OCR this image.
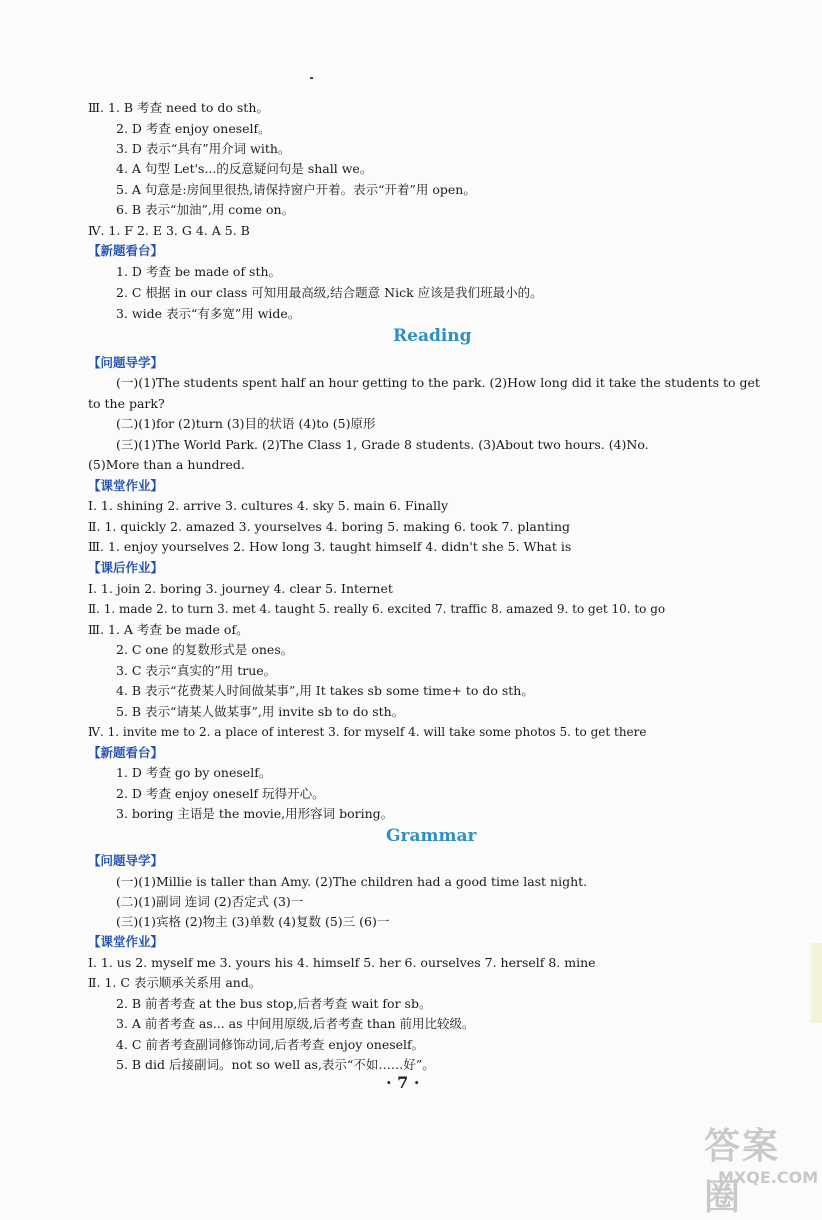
Ⅲ. 1. B 考查 need to do sth。
2. D 考查 enjoy oneself。
3. D 表示“具有”用介词 with。
4. A 句型 Let's...的反意疑问句是 shall we。
5. A 句意是:房间里很热,请保持窗户开着。表示“开着”用 open。
6. B 表示“加油”,用 come on。
Ⅳ. 1. F 2. E 3. G 4. A 5. B
【新题看台】
1. D 考查 be made of sth。
2. C 根据 in our class 可知用最高级,结合题意 Nick 应该是我们班最小的。
3. wide 表示“有多宽”用 wide。
Reading
【问题导学】
(一)(1)The students spent half an hour getting to the park. (2)How long did it take the students to get
to the park?
(二)(1)for (2)turn (3)目的状语 (4)to (5)原形
(三)(1)The World Park. (2)The Class 1, Grade 8 students. (3)About two hours. (4)No.
(5)More than a hundred.
【课堂作业】
Ⅰ. 1. shining 2. arrive 3. cultures 4. sky 5. main 6. Finally
Ⅱ. 1. quickly 2. amazed 3. yourselves 4. boring 5. making 6. took 7. planting
Ⅲ. 1. enjoy yourselves 2. How long 3. taught himself 4. didn't she 5. What is
【课后作业】
Ⅰ. 1. join 2. boring 3. journey 4. clear 5. Internet
Ⅱ. 1. made 2. to turn 3. met 4. taught 5. really 6. excited 7. traffic 8. amazed 9. to get 10. to go
Ⅲ. 1. A 考查 be made of。
2. C one 的复数形式是 ones。
3. C 表示“真实的”用 true。
4. B 表示“花费某人时间做某事”,用 It takes sb some time+ to do sth。
5. B 表示“请某人做某事”,用 invite sb to do sth。
Ⅳ. 1. invite me to 2. a place of interest 3. for myself 4. will take some photos 5. to get there
【新题看台】
1. D 考查 go by oneself。
2. D 考查 enjoy oneself 玩得开心。
3. boring 主语是 the movie,用形容词 boring。
Grammar
【问题导学】
(一)(1)Millie is taller than Amy. (2)The children had a good time last night.
(二)(1)副词 连词 (2)否定式 (3)一
(三)(1)宾格 (2)物主 (3)单数 (4)复数 (5)三 (6)一
【课堂作业】
Ⅰ. 1. us 2. myself me 3. yours his 4. himself 5. her 6. ourselves 7. herself 8. mine
Ⅱ. 1. C 表示顺承关系用 and。
2. B 前者考查 at the bus stop,后者考查 wait for sb。
3. A 前者考查 as... as 中间用原级,后者考查 than 前用比较级。
4. C 前者考查副词修饰动词,后者考查 enjoy oneself。
5. B did 后接副词。not so well as,表示“不如……好”。
· 7 ·
答案圈
MXQE.COM
